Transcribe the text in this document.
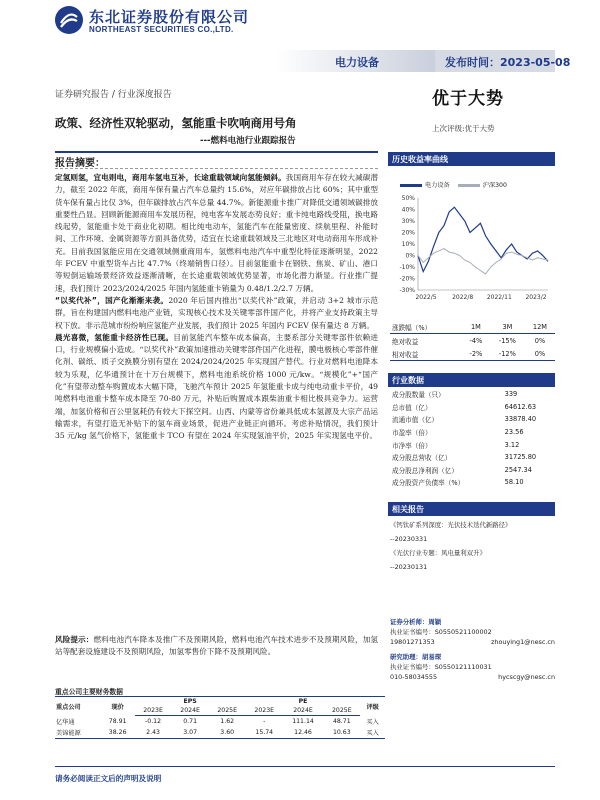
东北证券股份有限公司
NORTHEAST SECURITIES CO.,LTD.
电力设备	发布时间：2023-05-08
证券研究报告 / 行业深度报告	优于大势
上次评级:优于大势
政策、经济性双轮驱动，氢能重卡吹响商用号角
---燃料电池行业跟踪报告
报告摘要：

定氢则氢，宜电则电，商用车氢电互补，长途重载领域向氢能倾斜。我国商用车存在较大减碳潜力，截至 2022 年底，商用车保有量占汽车总量约 15.6%，对应年碳排放占比 60%；其中重型货车保有量占比仅 3%，但年碳排放占汽车总量 44.7%。新能源重卡推广对降低交通领域碳排放重要性凸显。回顾新能源商用车发展历程，纯电客车发展态势良好；重卡纯电路线受阻，换电路线起势，氢能重卡处于商业化初期。相比纯电动车，氢能汽车在能量密度、续航里程、补能时间、工作环境、金属资源等方面具备优势，适宜在长途重载领域及三北地区对电动商用车形成补充。目前我国氢能应用在交通领域侧重商用车，氢燃料电池汽车中重型化特征逐渐明显，2022 年 FCEV 中重型货车占比 47.7%（终端销售口径）。目前氢能重卡在钢铁、焦炭、矿山、港口等短倒运输场景经济效益逐渐清晰，在长途重载领域优势显著，市场化潜力渐显。行业推广提速，我们预计 2023/2024/2025 年国内氢能重卡销量为 0.48/1.2/2.7 万辆。

“以奖代补”，国产化渐渐来袭。2020 年后国内推出“以奖代补”政策，并启动 3+2 城市示范群，旨在构建国内燃料电池产业链，实现核心技术及关键零部件国产化，并将产业支持政策主导权下放。非示范城市纷纷响应氢能产业发展，我们预计 2025 年国内 FCEV 保有量达 8 万辆。

晨光喜微，氢能重卡经济性已现。目前氢能汽车整车成本偏高，主要系部分关键零部件依赖进口，行业规模偏小造成。“以奖代补”政策加速推动关键零部件国产化进程，膜电极核心零部件催化剂、碳纸、质子交换膜分别有望在 2024/2024/2025 年实现国产替代。行业对燃料电池降本较为乐观，亿华通预计在十万台规模下，燃料电池系统价格 1000 元/kw。“规模化”+“国产化”有望带动整车购置成本大幅下降，飞驰汽车预计 2025 年氢能重卡成与纯电动重卡平价，49 吨燃料电池重卡整车成本降至 70-80 万元，补贴后购置成本跟柴油重卡相比极具竞争力。运营端，加氢价格和百公里氢耗仍有较大下探空间。山西、内蒙等省份兼具低成本氢源及大宗产品运输需求，有望打造无补贴下的氢车商业场景，促进产业链正向循环。考虑补贴情况，我们预计 35 元/kg 氢气价格下，氢能重卡 TCO 有望在 2024 年实现氢油平价，2025 年实现氢电平价。

风险提示：燃料电池汽车降本及推广不及预期风险，燃料电池汽车技术进步不及预期风险，加氢站等配套设施建设不及预期风险，加氢零售价下降不及预期风险。
重点公司主要财务数据
重点公司	现价	EPS			PE			评级
		2023E	2024E	2025E	2023E	2024E	2025E	
亿华通	78.91	-0.12	0.71	1.62	-	111.14	48.71	买入
美锦能源	38.26	2.43	3.07	3.60	15.74	12.46	10.63	买入
请务必阅读正文后的声明及说明
历史收益率曲线
电力设备	沪深300
50%
40%
30%
20%
10%
0%
-10%
-20%
-30%
2022/5	2022/8 2022/11 2023/2
涨跌幅（%）	1M	3M	12M
绝对收益	-4%	-15%	0%
相对收益	-2%	-12%	0%
行业数据
成分股数量（只）	339
总市值（亿）	64612.63
流通市值（亿）	33878.40
市盈率（倍）	23.56
市净率（倍）	3.12
成分股总营收（亿）	31725.80
成分股总净利润（亿）	2547.34
成分股资产负债率（%）	58.10
相关报告
《钙钛矿系列深度：光伏技术迭代新路径》
--20230331
《光伏行业专题：风电量利双升》
--20230131
证券分析师：周颖
执业证书编号：S0550521100002
19801271353	zhouying1@nesc.cn
研究助理：胡易琛
执业证书编号：S0550121110031
010-58034555	hycscgy@nesc.cn
